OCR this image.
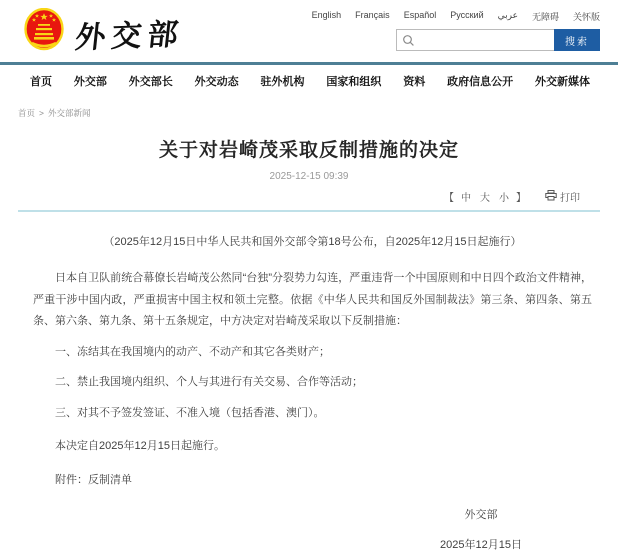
外交部
English Français Español Русский عربي 无障碍 关怀版
搜索
首页 外交部 外交部长 外交动态 驻外机构 国家和组织 资料 政府信息公开 外交新媒体
首页 > 外交部新闻
关于对岩崎茂采取反制措施的决定
2025-12-15 09:39
【 中 大 小 】	打印

（2025年12月15日中华人民共和国外交部令第18号公布，自2025年12月15日起施行）

日本自卫队前统合幕僚长岩崎茂公然同“台独”分裂势力勾连，严重违背一个中国原则和中日四个政治文件精神，严重干涉中国内政，严重损害中国主权和领土完整。依据《中华人民共和国反外国制裁法》第三条、第四条、第五条、第六条、第九条、第十五条规定，中方决定对岩崎茂采取以下反制措施：

一、冻结其在我国境内的动产、不动产和其它各类财产；

二、禁止我国境内组织、个人与其进行有关交易、合作等活动；

三、对其不予签发签证、不准入境（包括香港、澳门）。

本决定自2025年12月15日起施行。

附件：反制清单

外交部
2025年12月15日
